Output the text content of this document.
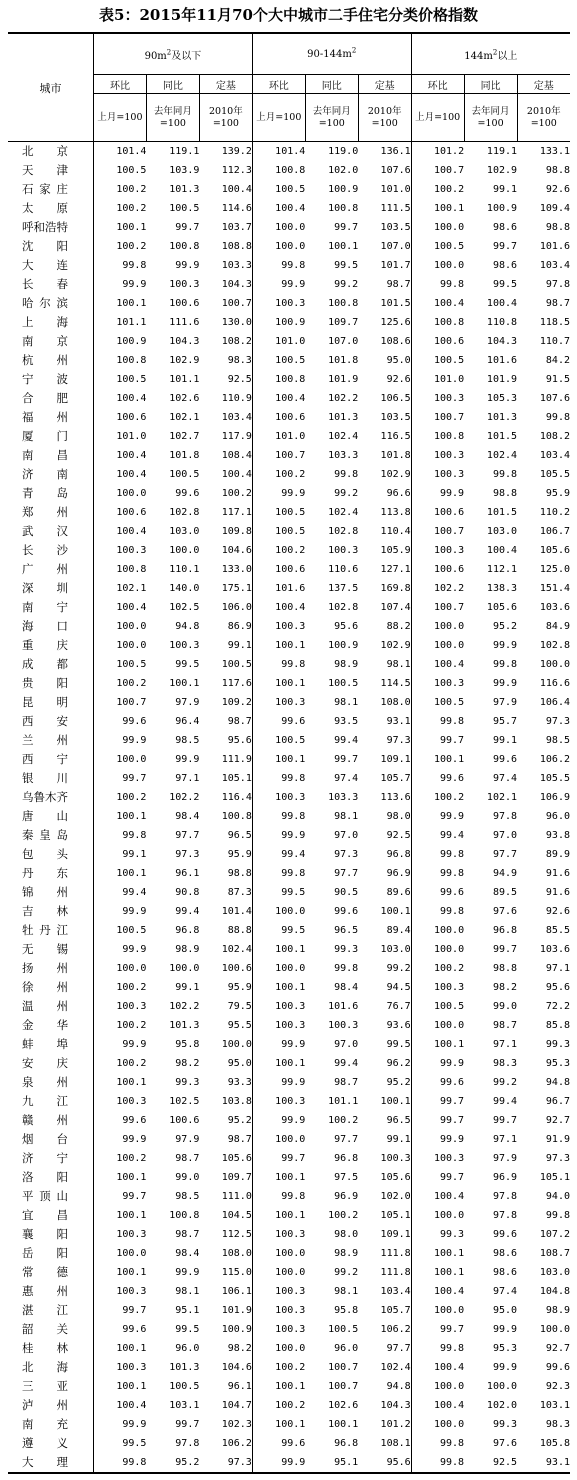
表5：2015年11月70个大中城市二手住宅分类价格指数
城市	$90m^2$及以下			$90-144m^2$			$144m^2$以上		
	环比	同比	定基	环比	同比	定基	环比	同比	定基
	上月=100	去年同月=100	2010年=100	上月=100	去年同月=100	2010年=100	上月=100	去年同月=100	2010年=100

北京	101.4	119.1	139.2	101.4	119.0	136.1	101.2	119.1	133.1

天津	100.5	103.9	112.3	100.8	102.0	107.6	100.7	102.9	98.8

石家庄	100.2	101.3	100.4	100.5	100.9	101.0	100.2	99.1	92.6

太原	100.2	100.5	114.6	100.4	100.8	111.5	100.1	100.9	109.4

呼和浩特	100.1	99.7	103.7	100.0	99.7	103.5	100.0	98.6	98.8

沈阳	100.2	100.8	108.8	100.0	100.1	107.0	100.5	99.7	101.6

大连	99.8	99.9	103.3	99.8	99.5	101.7	100.0	98.6	103.4

长春	99.9	100.3	104.3	99.9	99.2	98.7	99.8	99.5	97.8

哈尔滨	100.1	100.6	100.7	100.3	100.8	101.5	100.4	100.4	98.7

上海	101.1	111.6	130.0	100.9	109.7	125.6	100.8	110.8	118.5

南京	100.9	104.3	108.2	101.0	107.0	108.6	100.6	104.3	110.7

杭州	100.8	102.9	98.3	100.5	101.8	95.0	100.5	101.6	84.2

宁波	100.5	101.1	92.5	100.8	101.9	92.6	101.0	101.9	91.5

合肥	100.4	102.6	110.9	100.4	102.2	106.5	100.3	105.3	107.6

福州	100.6	102.1	103.4	100.6	101.3	103.5	100.7	101.3	99.8

厦门	101.0	102.7	117.9	101.0	102.4	116.5	100.8	101.5	108.2

南昌	100.4	101.8	108.4	100.7	103.3	101.8	100.3	102.4	103.4

济南	100.4	100.5	100.4	100.2	99.8	102.9	100.3	99.8	105.5

青岛	100.0	99.6	100.2	99.9	99.2	96.6	99.9	98.8	95.9

郑州	100.6	102.8	117.1	100.5	102.4	113.8	100.6	101.5	110.2

武汉	100.4	103.0	109.8	100.5	102.8	110.4	100.7	103.0	106.7

长沙	100.3	100.0	104.6	100.2	100.3	105.9	100.3	100.4	105.6

广州	100.8	110.1	133.0	100.6	110.6	127.1	100.6	112.1	125.0

深圳	102.1	140.0	175.1	101.6	137.5	169.8	102.2	138.3	151.4

南宁	100.4	102.5	106.0	100.4	102.8	107.4	100.7	105.6	103.6

海口	100.0	94.8	86.9	100.3	95.6	88.2	100.0	95.2	84.9

重庆	100.0	100.3	99.1	100.1	100.9	102.9	100.0	99.9	102.8

成都	100.5	99.5	100.5	99.8	98.9	98.1	100.4	99.8	100.0

贵阳	100.2	100.1	117.6	100.1	100.5	114.5	100.3	99.9	116.6

昆明	100.7	97.9	109.2	100.3	98.1	108.0	100.5	97.9	106.4

西安	99.6	96.4	98.7	99.6	93.5	93.1	99.8	95.7	97.3

兰州	99.9	98.5	95.6	100.5	99.4	97.3	99.7	99.1	98.5

西宁	100.0	99.9	111.9	100.1	99.7	109.1	100.1	99.6	106.2

银川	99.7	97.1	105.1	99.8	97.4	105.7	99.6	97.4	105.5

乌鲁木齐	100.2	102.2	116.4	100.3	103.3	113.6	100.2	102.1	106.9

唐山	100.1	98.4	100.8	99.8	98.1	98.0	99.9	97.8	96.0

秦皇岛	99.8	97.7	96.5	99.9	97.0	92.5	99.4	97.0	93.8

包头	99.1	97.3	95.9	99.4	97.3	96.8	99.8	97.7	89.9

丹东	100.1	96.1	98.8	99.8	97.7	96.9	99.8	94.9	91.6

锦州	99.4	90.8	87.3	99.5	90.5	89.6	99.6	89.5	91.6

吉林	99.9	99.4	101.4	100.0	99.6	100.1	99.8	97.6	92.6

牡丹江	100.5	96.8	88.8	99.5	96.5	89.4	100.0	96.8	85.5

无锡	99.9	98.9	102.4	100.1	99.3	103.0	100.0	99.7	103.6

扬州	100.0	100.0	100.6	100.0	99.8	99.2	100.2	98.8	97.1

徐州	100.2	99.1	95.9	100.1	98.4	94.5	100.3	98.2	95.6

温州	100.3	102.2	79.5	100.3	101.6	76.7	100.5	99.0	72.2

金华	100.2	101.3	95.5	100.3	100.3	93.6	100.0	98.7	85.8

蚌埠	99.9	95.8	100.0	99.9	97.0	99.5	100.1	97.1	99.3

安庆	100.2	98.2	95.0	100.1	99.4	96.2	99.9	98.3	95.3

泉州	100.1	99.3	93.3	99.9	98.7	95.2	99.6	99.2	94.8

九江	100.3	102.5	103.8	100.3	101.1	100.1	99.7	99.4	96.7

赣州	99.6	100.6	95.2	99.9	100.2	96.5	99.7	99.7	92.7

烟台	99.9	97.9	98.7	100.0	97.7	99.1	99.9	97.1	91.9

济宁	100.2	98.7	105.6	99.7	96.8	100.3	100.3	97.9	97.3

洛阳	100.1	99.0	109.7	100.1	97.5	105.6	99.7	96.9	105.1

平顶山	99.7	98.5	111.0	99.8	96.9	102.0	100.4	97.8	94.0

宜昌	100.1	100.8	104.5	100.1	100.2	105.1	100.0	97.8	99.8

襄阳	100.3	98.7	112.5	100.3	98.0	109.1	99.3	99.6	107.2

岳阳	100.0	98.4	108.0	100.0	98.9	111.8	100.1	98.6	108.7

常德	100.1	99.9	115.0	100.0	99.2	111.8	100.1	98.6	103.0

惠州	100.3	98.1	106.1	100.3	98.1	103.4	100.4	97.4	104.8

湛江	99.7	95.1	101.9	100.3	95.8	105.7	100.0	95.0	98.9

韶关	99.6	99.5	100.9	100.3	100.5	106.2	99.7	99.9	100.0

桂林	100.1	96.0	98.2	100.0	96.0	97.7	99.8	95.3	92.7

北海	100.3	101.3	104.6	100.2	100.7	102.4	100.4	99.9	99.6

三亚	100.1	100.5	96.1	100.1	100.7	94.8	100.0	100.0	92.3

泸州	100.4	103.1	104.7	100.2	102.6	104.3	100.4	102.0	103.1

南充	99.9	99.7	102.3	100.1	100.1	101.2	100.0	99.3	98.3

遵义	99.5	97.8	106.2	99.6	96.8	108.1	99.8	97.6	105.8

大理	99.8	95.2	97.3	99.9	95.1	95.6	99.8	92.5	93.1
